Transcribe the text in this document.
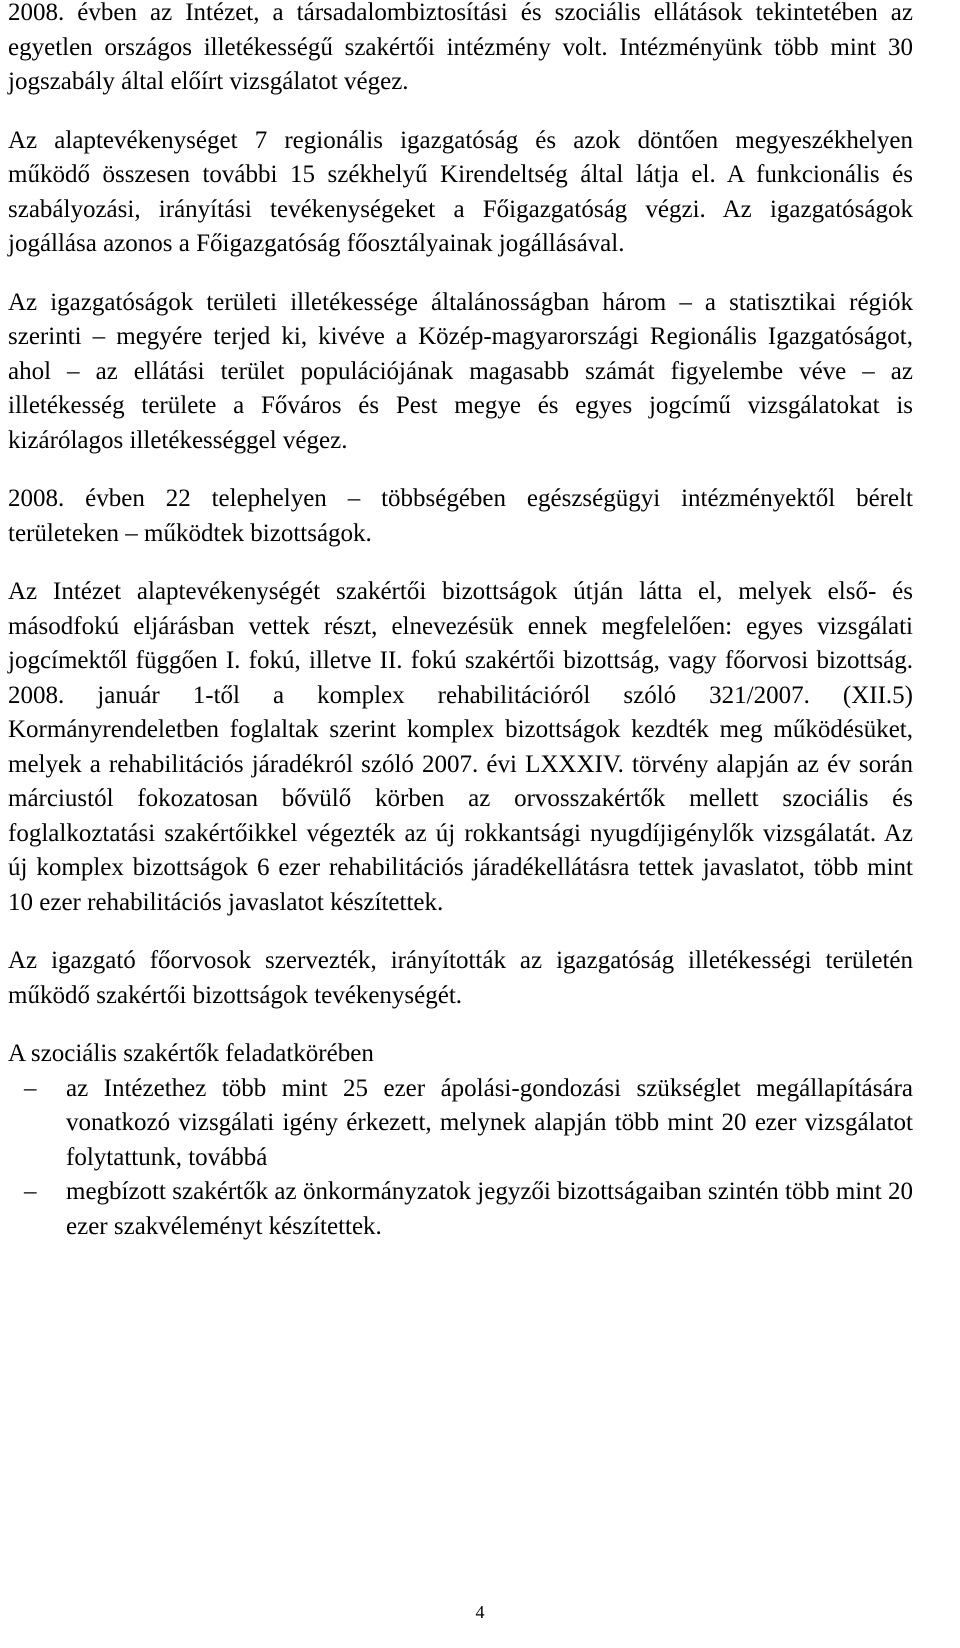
2008. évben az Intézet, a társadalombiztosítási és szociális ellátások tekintetében az egyetlen országos illetékességű szakértői intézmény volt. Intézményünk több mint 30 jogszabály által előírt vizsgálatot végez.

Az alaptevékenységet 7 regionális igazgatóság és azok döntően megyeszékhelyen működő összesen további 15 székhelyű Kirendeltség által látja el. A funkcionális és szabályozási, irányítási tevékenységeket a Főigazgatóság végzi. Az igazgatóságok jogállása azonos a Főigazgatóság főosztályainak jogállásával.

Az igazgatóságok területi illetékessége általánosságban három – a statisztikai régiók szerinti – megyére terjed ki, kivéve a Közép-magyarországi Regionális Igazgatóságot, ahol – az ellátási terület populációjának magasabb számát figyelembe véve – az illetékesség területe a Főváros és Pest megye és egyes jogcímű vizsgálatokat is kizárólagos illetékességgel végez.

2008. évben 22 telephelyen – többségében egészségügyi intézményektől bérelt területeken – működtek bizottságok.

Az Intézet alaptevékenységét szakértői bizottságok útján látta el, melyek első- és másodfokú eljárásban vettek részt, elnevezésük ennek megfelelően: egyes vizsgálati jogcímektől függően I. fokú, illetve II. fokú szakértői bizottság, vagy főorvosi bizottság. 2008. január 1-től a komplex rehabilitációról szóló 321/2007. (XII.5) Kormányrendeletben foglaltak szerint komplex bizottságok kezdték meg működésüket, melyek a rehabilitációs járadékról szóló 2007. évi LXXXIV. törvény alapján az év során márciustól fokozatosan bővülő körben az orvosszakértők mellett szociális és foglalkoztatási szakértőikkel végezték az új rokkantsági nyugdíjigénylők vizsgálatát. Az új komplex bizottságok 6 ezer rehabilitációs járadékellátásra tettek javaslatot, több mint 10 ezer rehabilitációs javaslatot készítettek.

Az igazgató főorvosok szervezték, irányították az igazgatóság illetékességi területén működő szakértői bizottságok tevékenységét.

A szociális szakértők feladatkörében

– az Intézethez több mint 25 ezer ápolási-gondozási szükséglet megállapítására vonatkozó vizsgálati igény érkezett, melynek alapján több mint 20 ezer vizsgálatot folytattunk, továbbá
– megbízott szakértők az önkormányzatok jegyzői bizottságaiban szintén több mint 20 ezer szakvéleményt készítettek.
4
